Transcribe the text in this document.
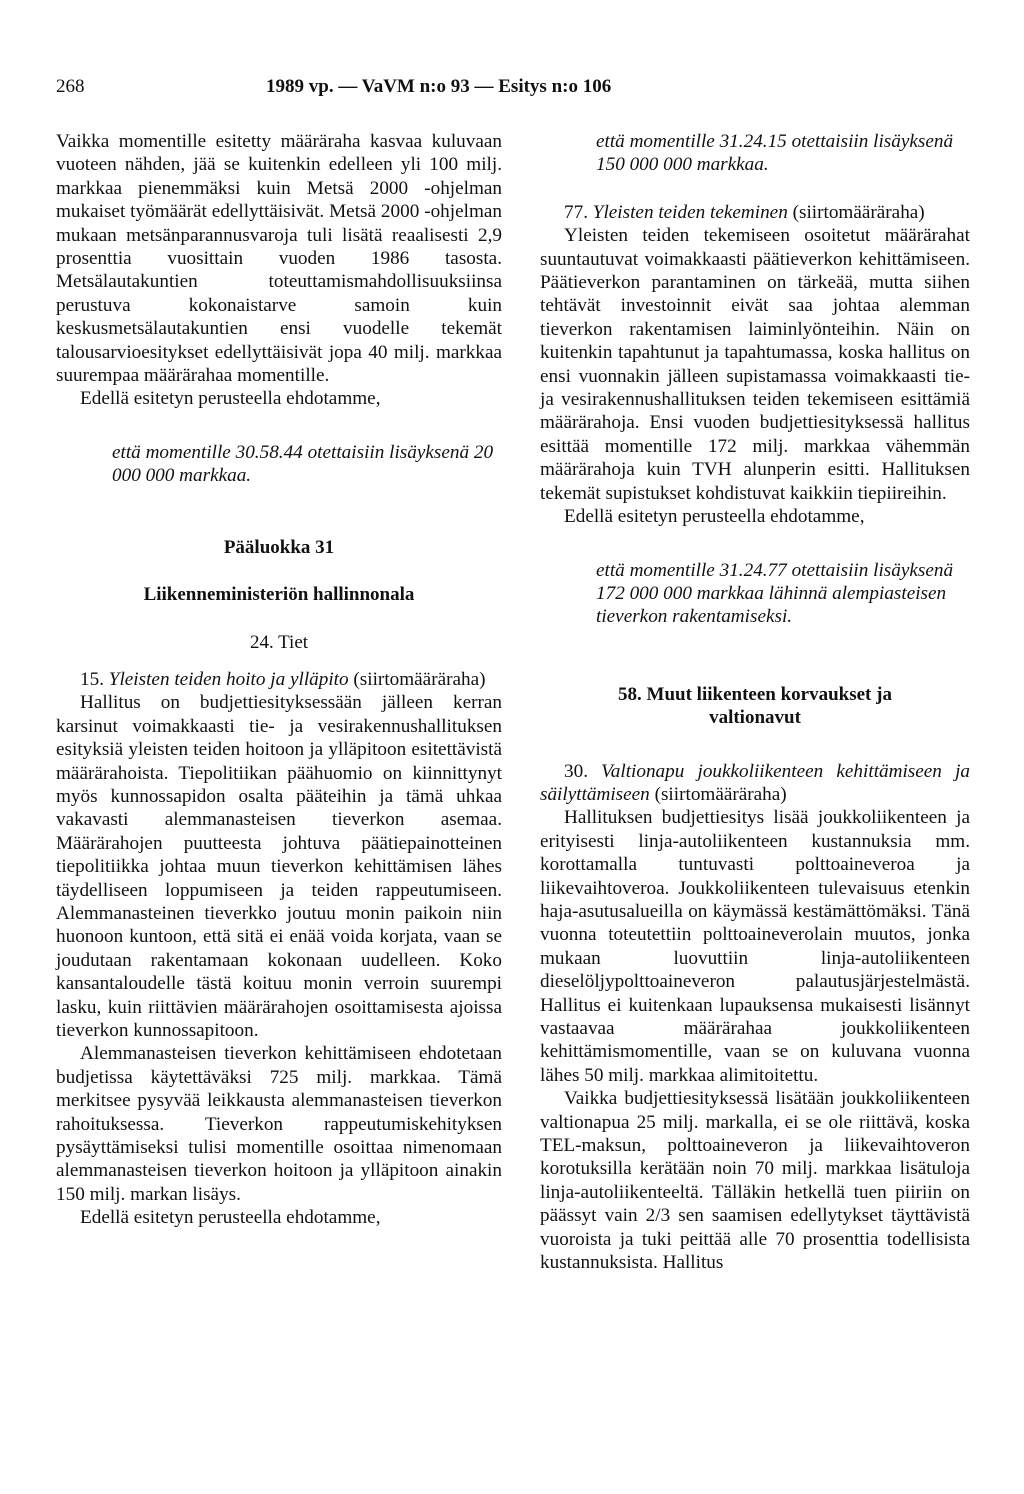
268	1989 vp. — VaVM n:o 93 — Esitys n:o 106

Vaikka momentille esitetty määräraha kasvaa kuluvaan vuoteen nähden, jää se kuitenkin edelleen yli 100 milj. markkaa pienemmäksi kuin Metsä 2000 -ohjelman mukaiset työmäärät edellyttäisivät. Metsä 2000 -ohjelman mukaan metsänparannusvaroja tuli lisätä reaalisesti 2,9 prosenttia vuosittain vuoden 1986 tasosta. Metsälautakuntien toteuttamismahdollisuuksiinsa perustuva kokonaistarve samoin kuin keskusmetsälautakuntien ensi vuodelle tekemät talousarvioesitykset edellyttäisivät jopa 40 milj. markkaa suurempaa määrärahaa momentille.

Edellä esitetyn perusteella ehdotamme,

että momentille 30.58.44 otettaisiin lisäyksenä 20 000 000 markkaa.

Pääluokka 31
Liikenneministeriön hallinnonala
24. Tiet

15. Yleisten teiden hoito ja ylläpito (siirtomääräraha)

Hallitus on budjettiesityksessään jälleen kerran karsinut voimakkaasti tie- ja vesirakennushallituksen esityksiä yleisten teiden hoitoon ja ylläpitoon esitettävistä määrärahoista. Tiepolitiikan päähuomio on kiinnittynyt myös kunnossapidon osalta pääteihin ja tämä uhkaa vakavasti alemmanasteisen tieverkon asemaa. Määrärahojen puutteesta johtuva päätiepainotteinen tiepolitiikka johtaa muun tieverkon kehittämisen lähes täydelliseen loppumiseen ja teiden rappeutumiseen. Alemmanasteinen tieverkko joutuu monin paikoin niin huonoon kuntoon, että sitä ei enää voida korjata, vaan se joudutaan rakentamaan kokonaan uudelleen. Koko kansantaloudelle tästä koituu monin verroin suurempi lasku, kuin riittävien määrärahojen osoittamisesta ajoissa tieverkon kunnossapitoon.

Alemmanasteisen tieverkon kehittämiseen ehdotetaan budjetissa käytettäväksi 725 milj. markkaa. Tämä merkitsee pysyvää leikkausta alemmanasteisen tieverkon rahoituksessa. Tieverkon rappeutumiskehityksen pysäyttämiseksi tulisi momentille osoittaa nimenomaan alemmanasteisen tieverkon hoitoon ja ylläpitoon ainakin 150 milj. markan lisäys.

Edellä esitetyn perusteella ehdotamme,

että momentille 31.24.15 otettaisiin lisäyksenä 150 000 000 markkaa.

77. Yleisten teiden tekeminen (siirtomääräraha)

Yleisten teiden tekemiseen osoitetut määrärahat suuntautuvat voimakkaasti päätieverkon kehittämiseen. Päätieverkon parantaminen on tärkeää, mutta siihen tehtävät investoinnit eivät saa johtaa alemman tieverkon rakentamisen laiminlyönteihin. Näin on kuitenkin tapahtunut ja tapahtumassa, koska hallitus on ensi vuonnakin jälleen supistamassa voimakkaasti tie- ja vesirakennushallituksen teiden tekemiseen esittämiä määrärahoja. Ensi vuoden budjettiesityksessä hallitus esittää momentille 172 milj. markkaa vähemmän määrärahoja kuin TVH alunperin esitti. Hallituksen tekemät supistukset kohdistuvat kaikkiin tiepiireihin.

Edellä esitetyn perusteella ehdotamme,

että momentille 31.24.77 otettaisiin lisäyksenä 172 000 000 markkaa lähinnä alempiasteisen tieverkon rakentamiseksi.

58. Muut liikenteen korvaukset ja valtionavut

30. Valtionapu joukkoliikenteen kehittämiseen ja säilyttämiseen (siirtomääräraha)

Hallituksen budjettiesitys lisää joukkoliikenteen ja erityisesti linja-autoliikenteen kustannuksia mm. korottamalla tuntuvasti polttoaineveroa ja liikevaihtoveroa. Joukkoliikenteen tulevaisuus etenkin haja-asutusalueilla on käymässä kestämättömäksi. Tänä vuonna toteutettiin polttoaineverolain muutos, jonka mukaan luovuttiin linja-autoliikenteen dieselöljypolttoaineveron palautusjärjestelmästä. Hallitus ei kuitenkaan lupauksensa mukaisesti lisännyt vastaavaa määrärahaa joukkoliikenteen kehittämismomentille, vaan se on kuluvana vuonna lähes 50 milj. markkaa alimitoitettu.

Vaikka budjettiesityksessä lisätään joukkoliikenteen valtionapua 25 milj. markalla, ei se ole riittävä, koska TEL-maksun, polttoaineveron ja liikevaihtoveron korotuksilla kerätään noin 70 milj. markkaa lisätuloja linja-autoliikenteeltä. Tälläkin hetkellä tuen piiriin on päässyt vain 2/3 sen saamisen edellytykset täyttävistä vuoroista ja tuki peittää alle 70 prosenttia todellisista kustannuksista. Hallitus
